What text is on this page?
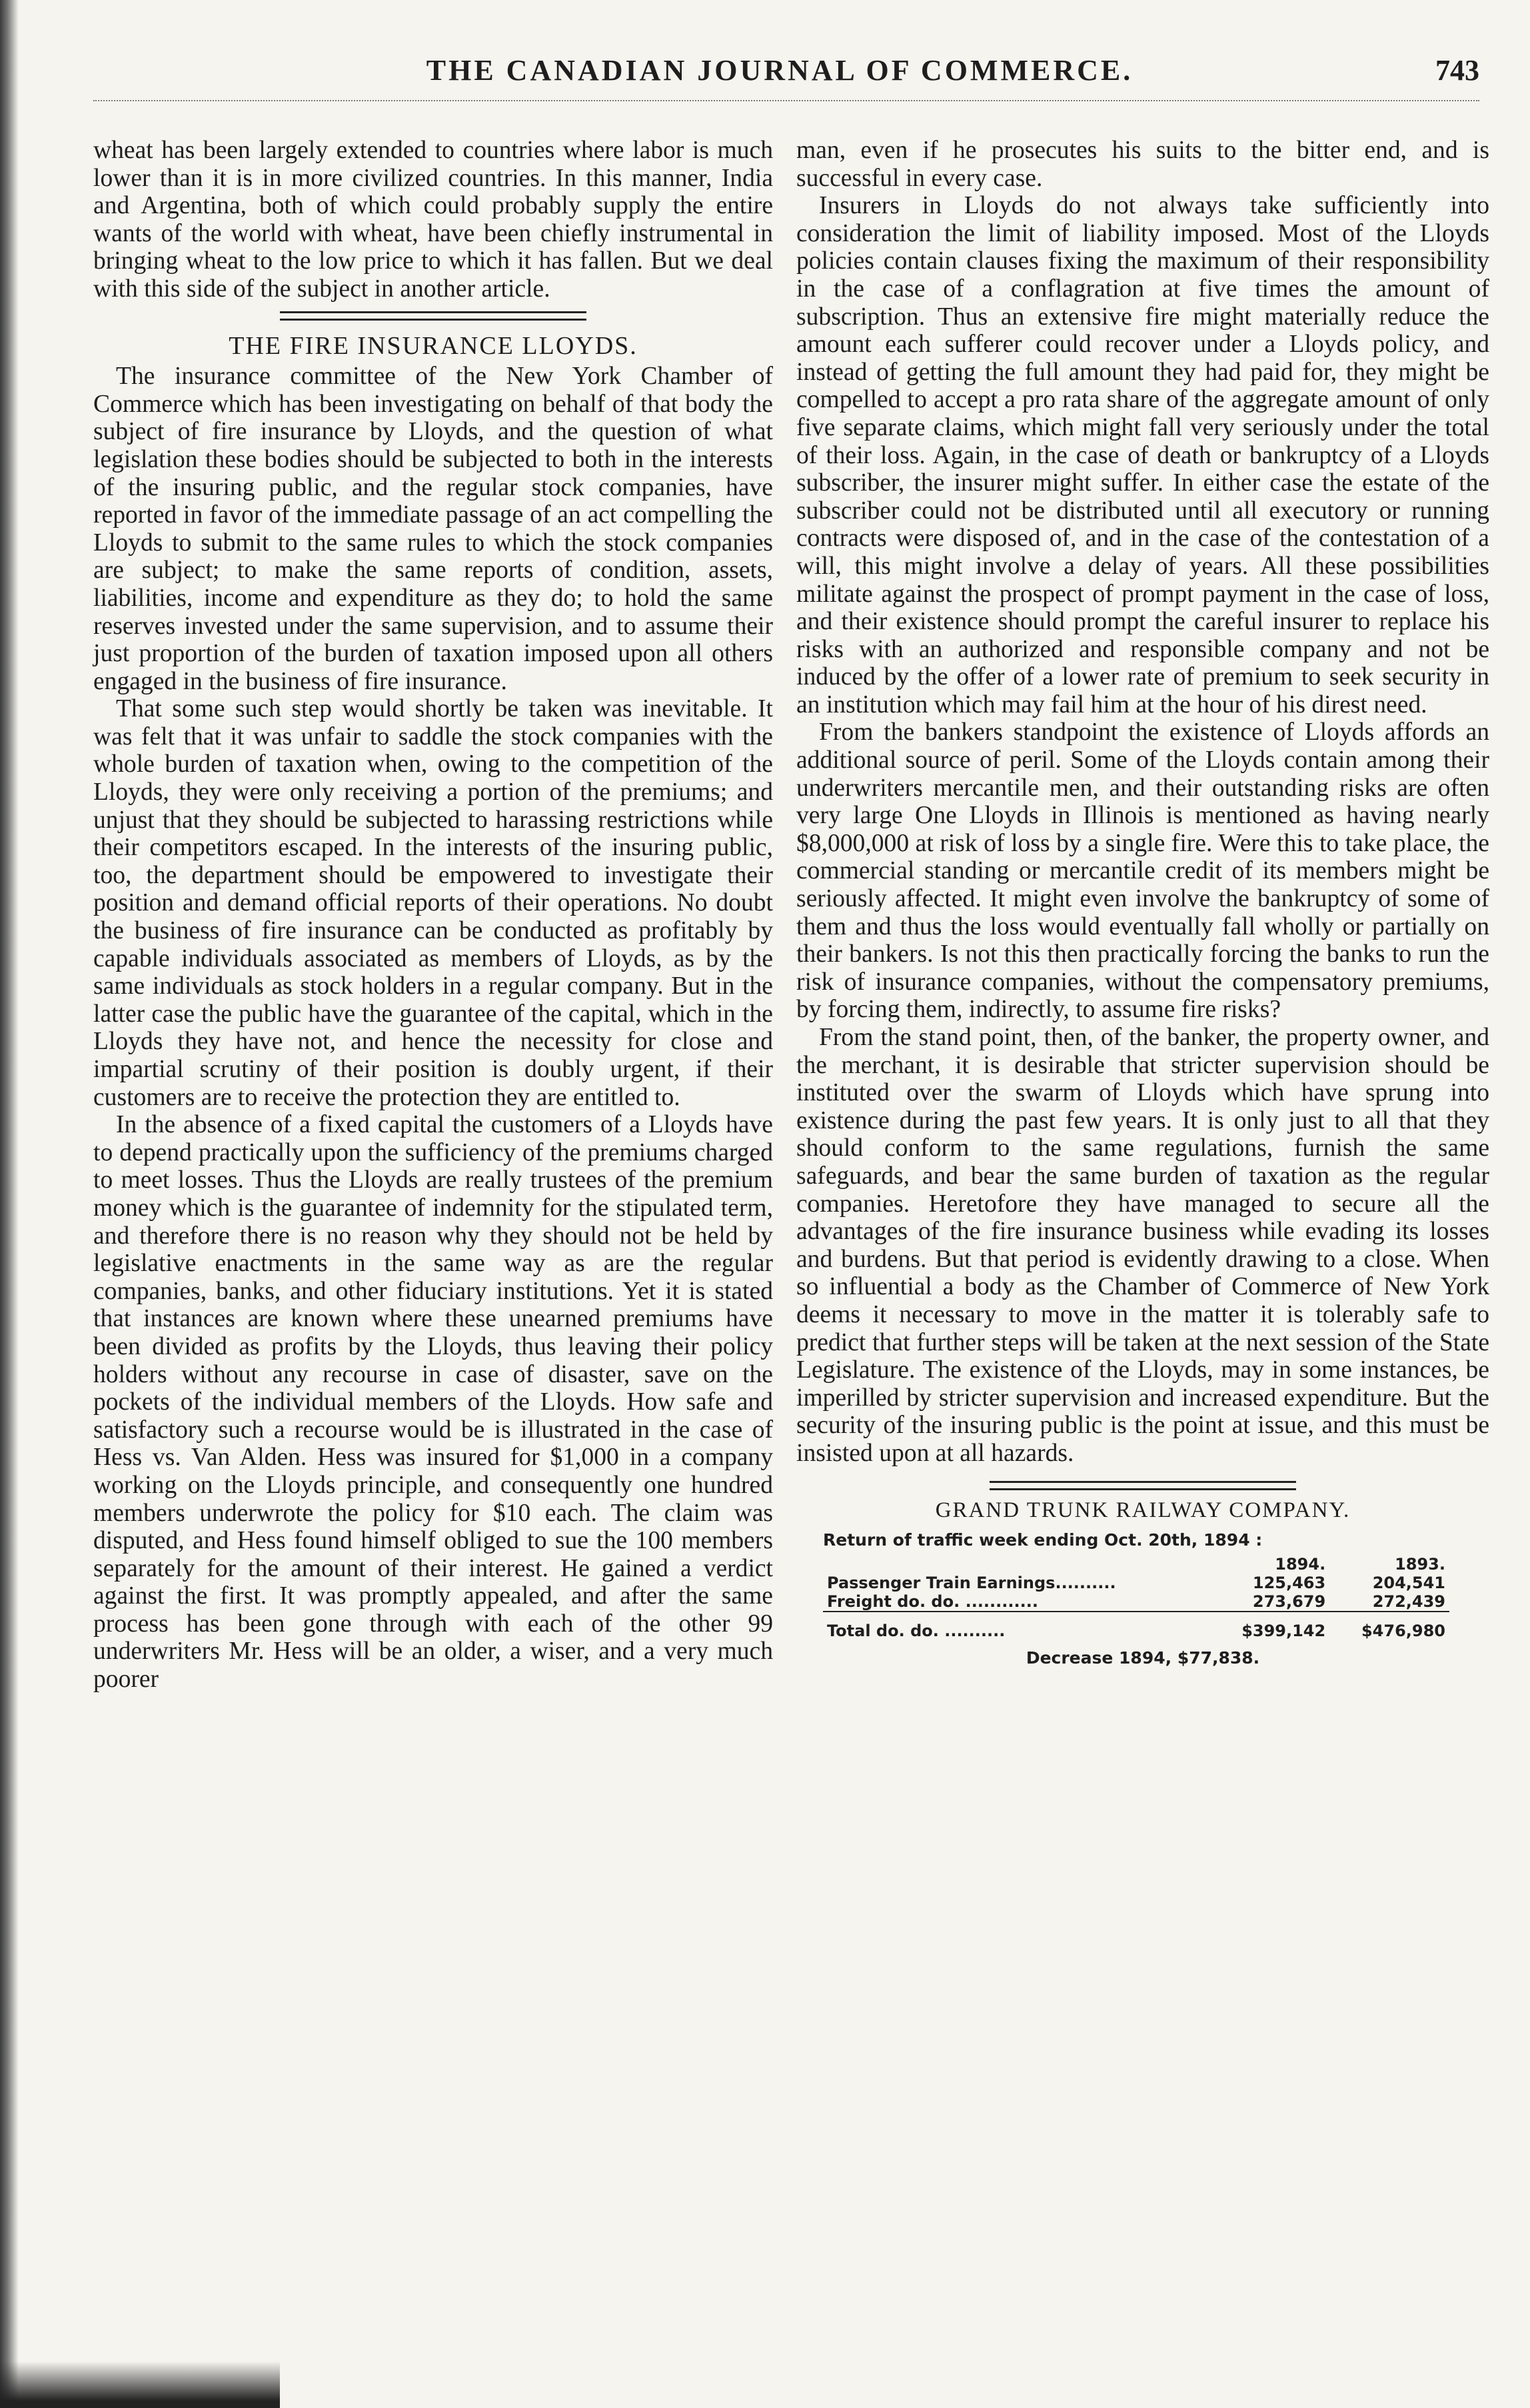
THE CANADIAN JOURNAL OF COMMERCE.	743

wheat has been largely extended to countries where labor is much lower than it is in more civilized countries. In this manner, India and Argentina, both of which could probably supply the entire wants of the world with wheat, have been chiefly instrumental in bringing wheat to the low price to which it has fallen. But we deal with this side of the subject in another article.

THE FIRE INSURANCE LLOYDS.

The insurance committee of the New York Chamber of Commerce which has been investigating on behalf of that body the subject of fire insurance by Lloyds, and the question of what legislation these bodies should be subjected to both in the interests of the insuring public, and the regular stock companies, have reported in favor of the immediate passage of an act compelling the Lloyds to submit to the same rules to which the stock companies are subject; to make the same reports of condition, assets, liabilities, income and expenditure as they do; to hold the same reserves invested under the same supervision, and to assume their just proportion of the burden of taxation imposed upon all others engaged in the business of fire insurance.

That some such step would shortly be taken was inevitable. It was felt that it was unfair to saddle the stock companies with the whole burden of taxation when, owing to the competition of the Lloyds, they were only receiving a portion of the premiums; and unjust that they should be subjected to harassing restrictions while their competitors escaped. In the interests of the insuring public, too, the department should be empowered to investigate their position and demand official reports of their operations. No doubt the business of fire insurance can be conducted as profitably by capable individuals associated as members of Lloyds, as by the same individuals as stock holders in a regular company. But in the latter case the public have the guarantee of the capital, which in the Lloyds they have not, and hence the necessity for close and impartial scrutiny of their position is doubly urgent, if their customers are to receive the protection they are entitled to.

In the absence of a fixed capital the customers of a Lloyds have to depend practically upon the sufficiency of the premiums charged to meet losses. Thus the Lloyds are really trustees of the premium money which is the guarantee of indemnity for the stipulated term, and therefore there is no reason why they should not be held by legislative enactments in the same way as are the regular companies, banks, and other fiduciary institutions. Yet it is stated that instances are known where these unearned premiums have been divided as profits by the Lloyds, thus leaving their policy holders without any recourse in case of disaster, save on the pockets of the individual members of the Lloyds. How safe and satisfactory such a recourse would be is illustrated in the case of Hess vs. Van Alden. Hess was insured for $1,000 in a company working on the Lloyds principle, and consequently one hundred members underwrote the policy for $10 each. The claim was disputed, and Hess found himself obliged to sue the 100 members separately for the amount of their interest. He gained a verdict against the first. It was promptly appealed, and after the same process has been gone through with each of the other 99 underwriters Mr. Hess will be an older, a wiser, and a very much poorer

man, even if he prosecutes his suits to the bitter end, and is successful in every case.

Insurers in Lloyds do not always take sufficiently into consideration the limit of liability imposed. Most of the Lloyds policies contain clauses fixing the maximum of their responsibility in the case of a conflagration at five times the amount of subscription. Thus an extensive fire might materially reduce the amount each sufferer could recover under a Lloyds policy, and instead of getting the full amount they had paid for, they might be compelled to accept a pro rata share of the aggregate amount of only five separate claims, which might fall very seriously under the total of their loss. Again, in the case of death or bankruptcy of a Lloyds subscriber, the insurer might suffer. In either case the estate of the subscriber could not be distributed until all executory or running contracts were disposed of, and in the case of the contestation of a will, this might involve a delay of years. All these possibilities militate against the prospect of prompt payment in the case of loss, and their existence should prompt the careful insurer to replace his risks with an authorized and responsible company and not be induced by the offer of a lower rate of premium to seek security in an institution which may fail him at the hour of his direst need.

From the bankers standpoint the existence of Lloyds affords an additional source of peril. Some of the Lloyds contain among their underwriters mercantile men, and their outstanding risks are often very large One Lloyds in Illinois is mentioned as having nearly $8,000,000 at risk of loss by a single fire. Were this to take place, the commercial standing or mercantile credit of its members might be seriously affected. It might even involve the bankruptcy of some of them and thus the loss would eventually fall wholly or partially on their bankers. Is not this then practically forcing the banks to run the risk of insurance companies, without the compensatory premiums, by forcing them, indirectly, to assume fire risks?

From the stand point, then, of the banker, the property owner, and the merchant, it is desirable that stricter supervision should be instituted over the swarm of Lloyds which have sprung into existence during the past few years. It is only just to all that they should conform to the same regulations, furnish the same safeguards, and bear the same burden of taxation as the regular companies. Heretofore they have managed to secure all the advantages of the fire insurance business while evading its losses and burdens. But that period is evidently drawing to a close. When so influential a body as the Chamber of Commerce of New York deems it necessary to move in the matter it is tolerably safe to predict that further steps will be taken at the next session of the State Legislature. The existence of the Lloyds, may in some instances, be imperilled by stricter supervision and increased expenditure. But the security of the insuring public is the point at issue, and this must be insisted upon at all hazards.

GRAND TRUNK RAILWAY COMPANY.
Return of traffic week ending Oct. 20th, 1894 :
	1894.	1893.
Passenger Train Earnings..........	125,463	204,541
Freight do. do. ............	273,679	272,439
Total do. do. ..........	$399,142	$476,980
Decrease 1894, $77,838.
